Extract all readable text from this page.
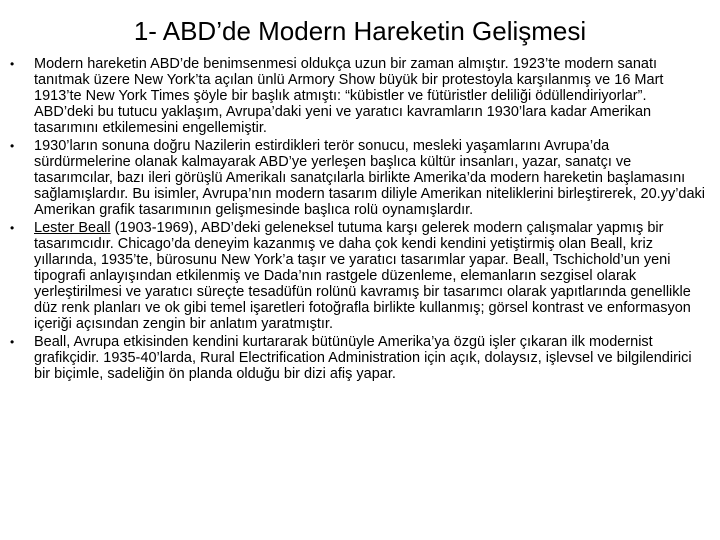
1- ABD’de Modern Hareketin Gelişmesi
• Modern hareketin ABD’de benimsenmesi oldukça uzun bir zaman almıştır. 1923’te modern sanatı tanıtmak üzere New York’ta açılan ünlü Armory Show büyük bir protestoyla karşılanmış ve 16 Mart 1913’te New York Times şöyle bir başlık atmıştı: “kübistler ve fütüristler deliliği ödüllendiriyorlar”. ABD’deki bu tutucu yaklaşım, Avrupa’daki yeni ve yaratıcı kavramların 1930’lara kadar Amerikan tasarımını etkilemesini engellemiştir.
• 1930’ların sonuna doğru Nazilerin estirdikleri terör sonucu, mesleki yaşamlarını Avrupa’da sürdürmelerine olanak kalmayarak ABD’ye yerleşen başlıca kültür insanları, yazar, sanatçı ve tasarımcılar, bazı ileri görüşlü Amerikalı sanatçılarla birlikte Amerika’da modern hareketin başlamasını sağlamışlardır. Bu isimler, Avrupa’nın modern tasarım diliyle Amerikan niteliklerini birleştirerek, 20.yy’daki Amerikan grafik tasarımının gelişmesinde başlıca rolü oynamışlardır.
• Lester Beall (1903-1969), ABD’deki geleneksel tutuma karşı gelerek modern çalışmalar yapmış bir tasarımcıdır. Chicago’da deneyim kazanmış ve daha çok kendi kendini yetiştirmiş olan Beall, kriz yıllarında, 1935’te, bürosunu New York’a taşır ve yaratıcı tasarımlar yapar. Beall, Tschichold’un yeni tipografi anlayışından etkilenmiş ve Dada’nın rastgele düzenleme, elemanların sezgisel olarak yerleştirilmesi ve yaratıcı süreçte tesadüfün rolünü kavramış bir tasarımcı olarak yapıtlarında genellikle düz renk planları ve ok gibi temel işaretleri fotoğrafla birlikte kullanmış; görsel kontrast ve enformasyon içeriği açısından zengin bir anlatım yaratmıştır.
• Beall, Avrupa etkisinden kendini kurtararak bütünüyle Amerika’ya özgü işler çıkaran ilk modernist grafikçidir. 1935-40’larda, Rural Electrification Administration için açık, dolaysız, işlevsel ve bilgilendirici bir biçimle, sadeliğin ön planda olduğu bir dizi afiş yapar.
